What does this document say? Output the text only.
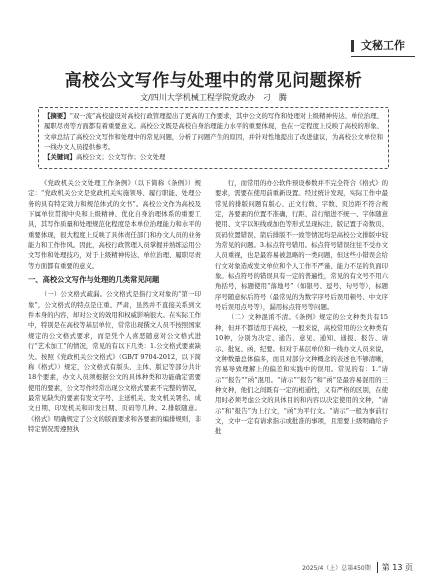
文秘工作
高校公文写作与处理中的常见问题探析
文/四川大学机械工程学院党政办　刁　腾
【摘要】“双一流”高校建设对高校行政管理提出了更高的工作要求，其中公文的写作和处理对上级精神传达、单位治理、履职尽责等方面都有着重要意义。高校公文既是高校自身治理能力水平的重要体现，也在一定程度上反映了高校的形象、文章总结了高校公文写作和处理中的常见问题，分析了问题产生的原因，并针对性地提出了改进建议，为高校公文单位和一线办文人员提供参考。
【关键词】高校公文；公文写作；公文处理

《党政机关公文处理工作条例》（以下简称《条例》）规定：“党政机关公文是党政机关实施领导、履行职能、处理公务的具有特定效力和规范体式的文书”。高校公文作为高校及下属单位贯彻中央和上级精神、优化自身治理体系的重要工具，其写作质量和处理规范化程度是本单位治理能力和水平的重要体现，很大程度上反映了具体责任部门和办文人员的业务能力和工作作风。因此，高校行政管理人员掌握并熟练运用公文写作和处理技巧，对于上级精神传达、单位治理、履职尽责等方面都有重要的意义。

一、高校公文写作与处理的几类常见问题

（一）公文格式疏漏。公文格式是指行文对象的“第一印象”，公文格式的特点是庄重、严肃，虽然并不直接关系到文件本身的内容，却对公文的效用和权威影响很大。在实际工作中，特别是在高校等基层单位，常常出现撰文人员不按照国家规定的公文格式要求，而是凭个人喜恶随意对公文格式进行“艺术加工”的情况，常见的有以下几类：1.公文格式要素缺失。按照《党政机关公文格式》（GB/T 9704-2012，以下简称《格式》）规定，公文格式有版头、主体、版记等部分共计18个要素，办文人员须根据公文的具体种类和功能确定需要使用的要素，公文写作经常出现公文格式要素不完整的情况，最常见缺失的要素有发文字号、主送机关、发文机关署名、成文日期、印发机关和印发日期、页码等几种。2.排版随意。《格式》明确规定了公文的版面要求和各要素的编排规则，非特定情况需遵照执

行，而常用的办公软件预设参数并不完全符合《格式》的要求，需要在使用前重新设置。经过统计发现，实际工作中最常见的排版问题有版心、正文行数、字数、页边距不符合规定，各要素的位置不准确，行距、首行缩进不统一、字体随意使用、文字以矩线或加色等形式呈现标注、版记置于奇数页、页码位置错误、箭后排版不一致等情况均是高校公文排版中较为常见的问题。3.标点符号错用。标点符号错误往往不受办文人员重视，也是最容易被忽略的一类问题，但这些小错误会给行文对象造成发文单位和个人工作不严谨、能力不足的负面印象。标点符号的错误具有一定的普遍性，常见的有文号不用六角括号，标题使用“落地号”（如银号、逗号、句号等），标题序号随意标后符号（最常见的为数字序号后误用顿号、中文序号后误用点号等），漏用标点符号等问题。

（二）文种混淆不清。《条例》规定的公文种类共有15种，但并不都适用于高校，一般来说，高校常用的公文种类有10种，分别为决定、通告、意见、通知、通报、报告、请示、批复、函、纪要。但对于基层单位和一线办文人员来说，文种数量总体偏多，而且对部分文种概念的表述也不够清晰，容易导致理解上的偏差和实践中的误用。常见的有：1.“请示”“报告”“函”混用。“请示”“报告”和“函”是最容易混用的三种文种，他们之间既有一定的相通性，又有严格的区别，在使用时必须考虑公文的具体目的和内容以决定使用的文种，“请示”和“报告”为上行文，“函”为平行文。“请示”一般为事前行文，文中一定有请求指示或批准的事项，且需要上级明确给予批

2025/4（上）总第450期 第 13 页
